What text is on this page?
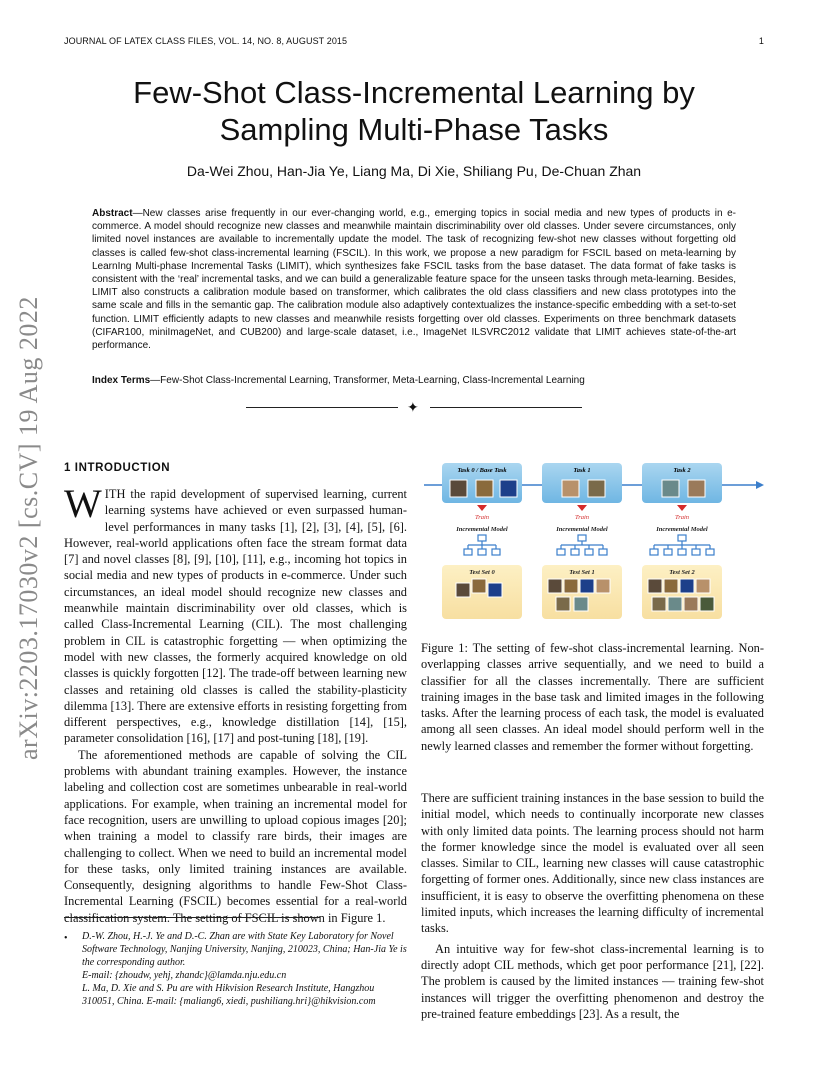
JOURNAL OF LATEX CLASS FILES, VOL. 14, NO. 8, AUGUST 2015	1
Few-Shot Class-Incremental Learning by
Sampling Multi-Phase Tasks
Da-Wei Zhou, Han-Jia Ye, Liang Ma, Di Xie, Shiliang Pu, De-Chuan Zhan
Abstract—New classes arise frequently in our ever-changing world, e.g., emerging topics in social media and new types of products in e-commerce. A model should recognize new classes and meanwhile maintain discriminability over old classes. Under severe circumstances, only limited novel instances are available to incrementally update the model. The task of recognizing few-shot new classes without forgetting old classes is called few-shot class-incremental learning (FSCIL). In this work, we propose a new paradigm for FSCIL based on meta-learning by LearnIng Multi-phase Incremental Tasks (LIMIT), which synthesizes fake FSCIL tasks from the base dataset. The data format of fake tasks is consistent with the ‘real’ incremental tasks, and we can build a generalizable feature space for the unseen tasks through meta-learning. Besides, LIMIT also constructs a calibration module based on transformer, which calibrates the old class classifiers and new class prototypes into the same scale and fills in the semantic gap. The calibration module also adaptively contextualizes the instance-specific embedding with a set-to-set function. LIMIT efficiently adapts to new classes and meanwhile resists forgetting over old classes. Experiments on three benchmark datasets (CIFAR100, miniImageNet, and CUB200) and large-scale dataset, i.e., ImageNet ILSVRC2012 validate that LIMIT achieves state-of-the-art performance.
Index Terms—Few-Shot Class-Incremental Learning, Transformer, Meta-Learning, Class-Incremental Learning
✦
arXiv:2203.17030v2 [cs.CV] 19 Aug 2022 1 INTRODUCTION

WITH the rapid development of supervised learning, current learning systems have achieved or even surpassed human-level performances in many tasks [1], [2], [3], [4], [5], [6]. However, real-world applications often face the stream format data [7] and novel classes [8], [9], [10], [11], e.g., incoming hot topics in social media and new types of products in e-commerce. Under such circumstances, an ideal model should recognize new classes and meanwhile maintain discriminability over old classes, which is called Class-Incremental Learning (CIL). The most challenging problem in CIL is catastrophic forgetting — when optimizing the model with new classes, the formerly acquired knowledge on old classes is quickly forgotten [12]. The trade-off between learning new classes and retaining old classes is called the stability-plasticity dilemma [13]. There are extensive efforts in resisting forgetting from different perspectives, e.g., knowledge distillation [14], [15], parameter consolidation [16], [17] and post-tuning [18], [19].

The aforementioned methods are capable of solving the CIL problems with abundant training examples. However, the instance labeling and collection cost are sometimes unbearable in real-world applications. For example, when training an incremental model for face recognition, users are unwilling to upload copious images [20]; when training a model to classify rare birds, their images are challenging to collect. When we need to build an incremental model for these tasks, only limited training instances are available. Consequently, designing algorithms to handle Few-Shot Class-Incremental Learning (FSCIL) becomes essential for a real-world classification system. The setting of FSCIL is shown in Figure 1.

• D.-W. Zhou, H.-J. Ye and D.-C. Zhan are with State Key Laboratory for Novel Software Technology, Nanjing University, Nanjing, 210023, China; Han-Jia Ye is the corresponding author.
E-mail: {zhoudw, yehj, zhandc}@lamda.nju.edu.cn
L. Ma, D. Xie and S. Pu are with Hikvision Research Institute, Hangzhou 310051, China. E-mail: {maliang6, xiedi, pushiliang.hri}@hikvision.com
Task 0 / Base Task	Task 1	Task 2
Train	Train	Train
Incremental Model	Incremental Model	Incremental Model
Test Set 0	Test Set 1	Test Set 2
Figure 1: The setting of few-shot class-incremental learning. Non-overlapping classes arrive sequentially, and we need to build a classifier for all the classes incrementally. There are sufficient training images in the base task and limited images in the following tasks. After the learning process of each task, the model is evaluated among all seen classes. An ideal model should perform well in the newly learned classes and remember the former without forgetting.

There are sufficient training instances in the base session to build the initial model, which needs to continually incorporate new classes with only limited data points. The learning process should not harm the former knowledge since the model is evaluated over all seen classes. Similar to CIL, learning new classes will cause catastrophic forgetting of former ones. Additionally, since new class instances are insufficient, it is easy to observe the overfitting phenomena on these limited inputs, which increases the learning difficulty of incremental tasks.

An intuitive way for few-shot class-incremental learning is to directly adopt CIL methods, which get poor performance [21], [22]. The problem is caused by the limited instances — training few-shot instances will trigger the overfitting phenomenon and destroy the pre-trained feature embeddings [23]. As a result, the
